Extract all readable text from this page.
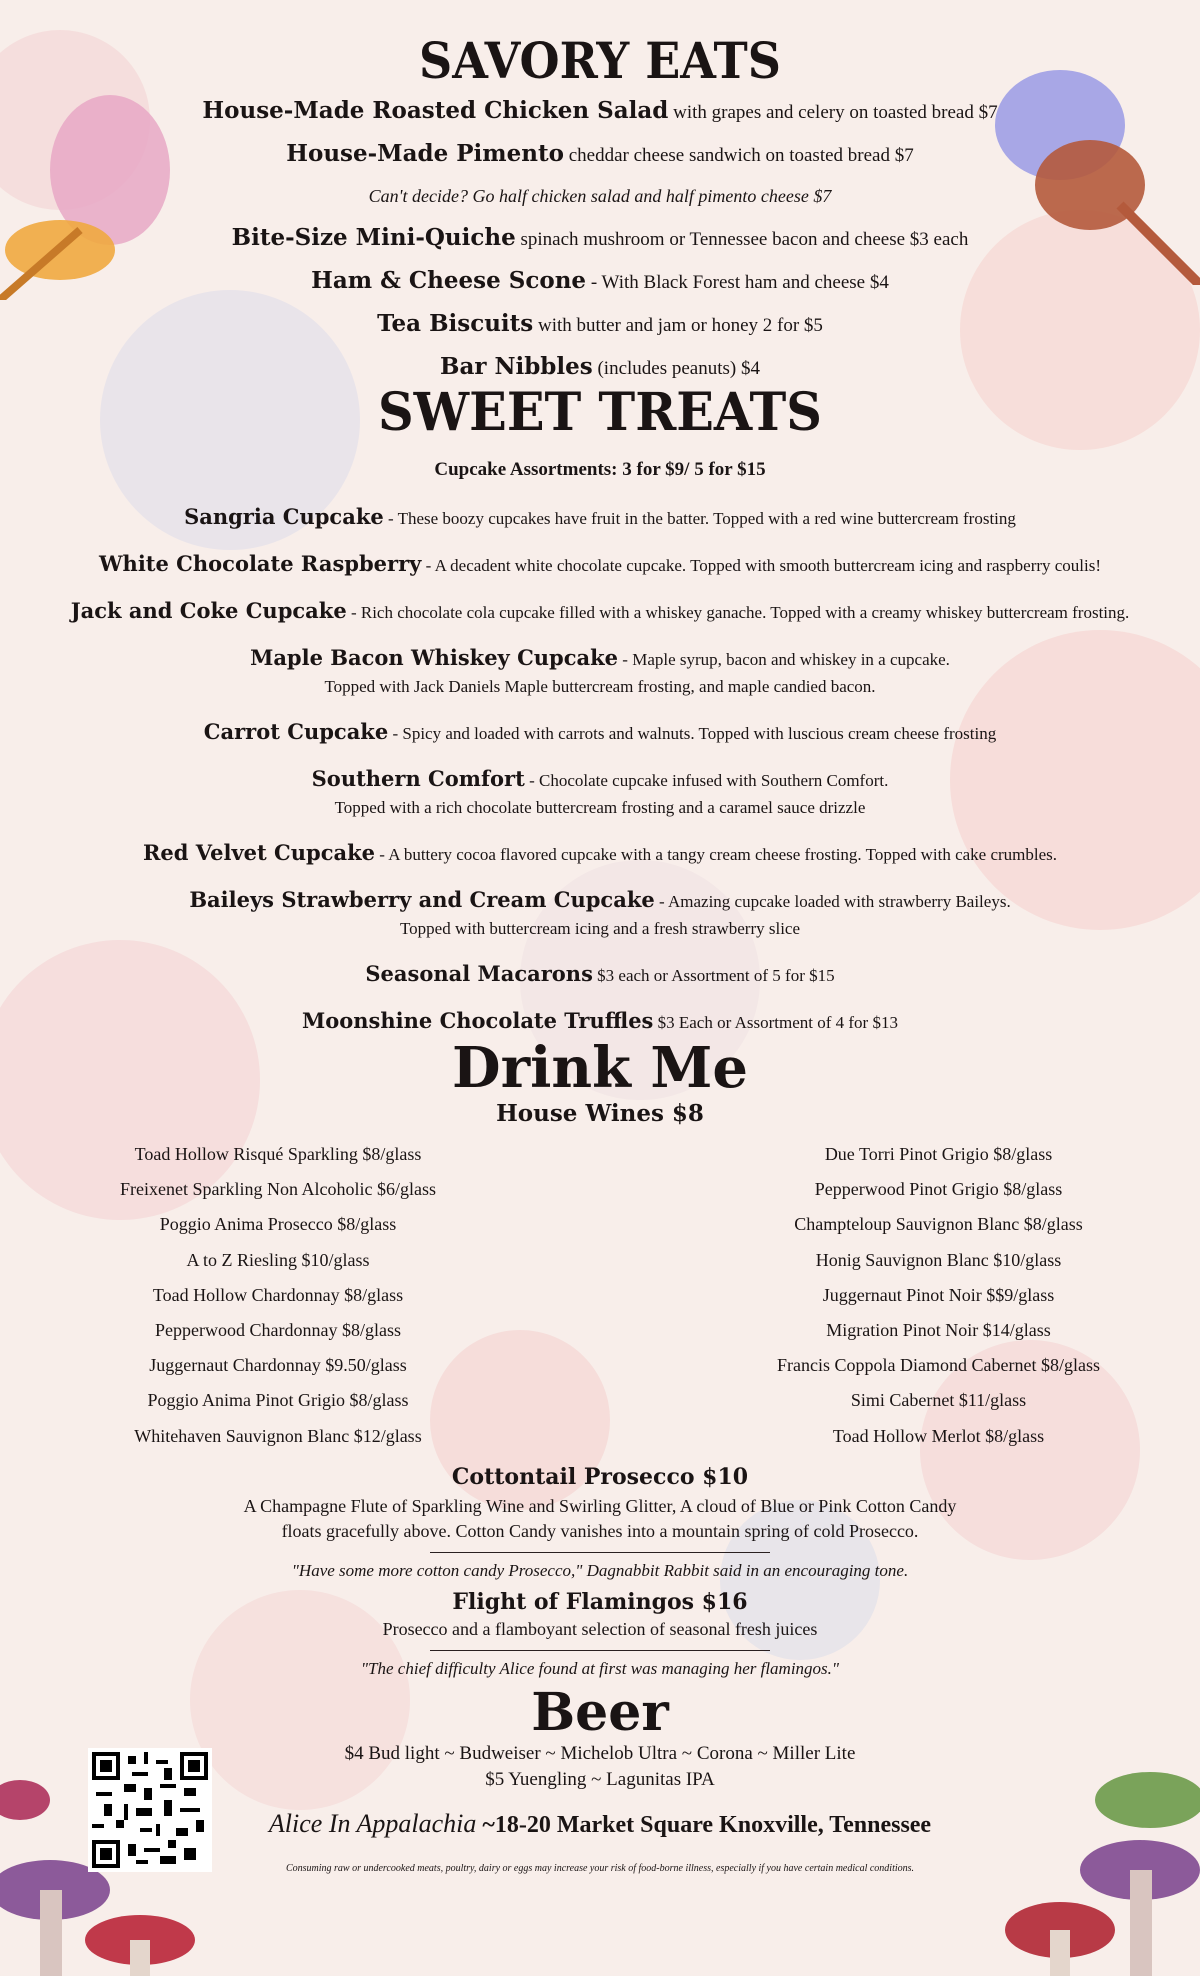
SAVORY EATS

House-Made Roasted Chicken Salad with grapes and celery on toasted bread $7

House-Made Pimento cheddar cheese sandwich on toasted bread $7

Can't decide? Go half chicken salad and half pimento cheese $7

Bite-Size Mini-Quiche spinach mushroom or Tennessee bacon and cheese $3 each

Ham & Cheese Scone - With Black Forest ham and cheese $4

Tea Biscuits with butter and jam or honey 2 for $5

Bar Nibbles (includes peanuts) $4

SWEET TREATS

Cupcake Assortments: 3 for $9/ 5 for $15

Sangria Cupcake - These boozy cupcakes have fruit in the batter. Topped with a red wine buttercream frosting

White Chocolate Raspberry - A decadent white chocolate cupcake. Topped with smooth buttercream icing and raspberry coulis!

Jack and Coke Cupcake - Rich chocolate cola cupcake filled with a whiskey ganache. Topped with a creamy whiskey buttercream frosting.

Maple Bacon Whiskey Cupcake - Maple syrup, bacon and whiskey in a cupcake.
Topped with Jack Daniels Maple buttercream frosting, and maple candied bacon.

Carrot Cupcake - Spicy and loaded with carrots and walnuts. Topped with luscious cream cheese frosting

Southern Comfort - Chocolate cupcake infused with Southern Comfort.
Topped with a rich chocolate buttercream frosting and a caramel sauce drizzle

Red Velvet Cupcake - A buttery cocoa flavored cupcake with a tangy cream cheese frosting. Topped with cake crumbles.

Baileys Strawberry and Cream Cupcake - Amazing cupcake loaded with strawberry Baileys.
Topped with buttercream icing and a fresh strawberry slice

Seasonal Macarons $3 each or Assortment of 5 for $15

Moonshine Chocolate Truffles $3 Each or Assortment of 4 for $13

Drink Me

House Wines $8

Toad Hollow Risqué Sparkling $8/glass
Freixenet Sparkling Non Alcoholic $6/glass
Poggio Anima Prosecco $8/glass
A to Z Riesling $10/glass
Toad Hollow Chardonnay $8/glass
Pepperwood Chardonnay $8/glass
Juggernaut Chardonnay $9.50/glass
Poggio Anima Pinot Grigio $8/glass
Whitehaven Sauvignon Blanc $12/glass
Due Torri Pinot Grigio $8/glass
Pepperwood Pinot Grigio $8/glass
Champteloup Sauvignon Blanc $8/glass
Honig Sauvignon Blanc $10/glass
Juggernaut Pinot Noir $$9/glass
Migration Pinot Noir $14/glass
Francis Coppola Diamond Cabernet $8/glass
Simi Cabernet $11/glass
Toad Hollow Merlot $8/glass

Cottontail Prosecco $10

A Champagne Flute of Sparkling Wine and Swirling Glitter, A cloud of Blue or Pink Cotton Candy

floats gracefully above. Cotton Candy vanishes into a mountain spring of cold Prosecco.

"Have some more cotton candy Prosecco," Dagnabbit Rabbit said in an encouraging tone.

Flight of Flamingos $16

Prosecco and a flamboyant selection of seasonal fresh juices

"The chief difficulty Alice found at first was managing her flamingos."

Beer

$4 Bud light ~ Budweiser ~ Michelob Ultra ~ Corona ~ Miller Lite

$5 Yuengling ~ Lagunitas IPA

Alice In Appalachia ~18-20 Market Square Knoxville, Tennessee

Consuming raw or undercooked meats, poultry, dairy or eggs may increase your risk of food-borne illness, especially if you have certain medical conditions.
